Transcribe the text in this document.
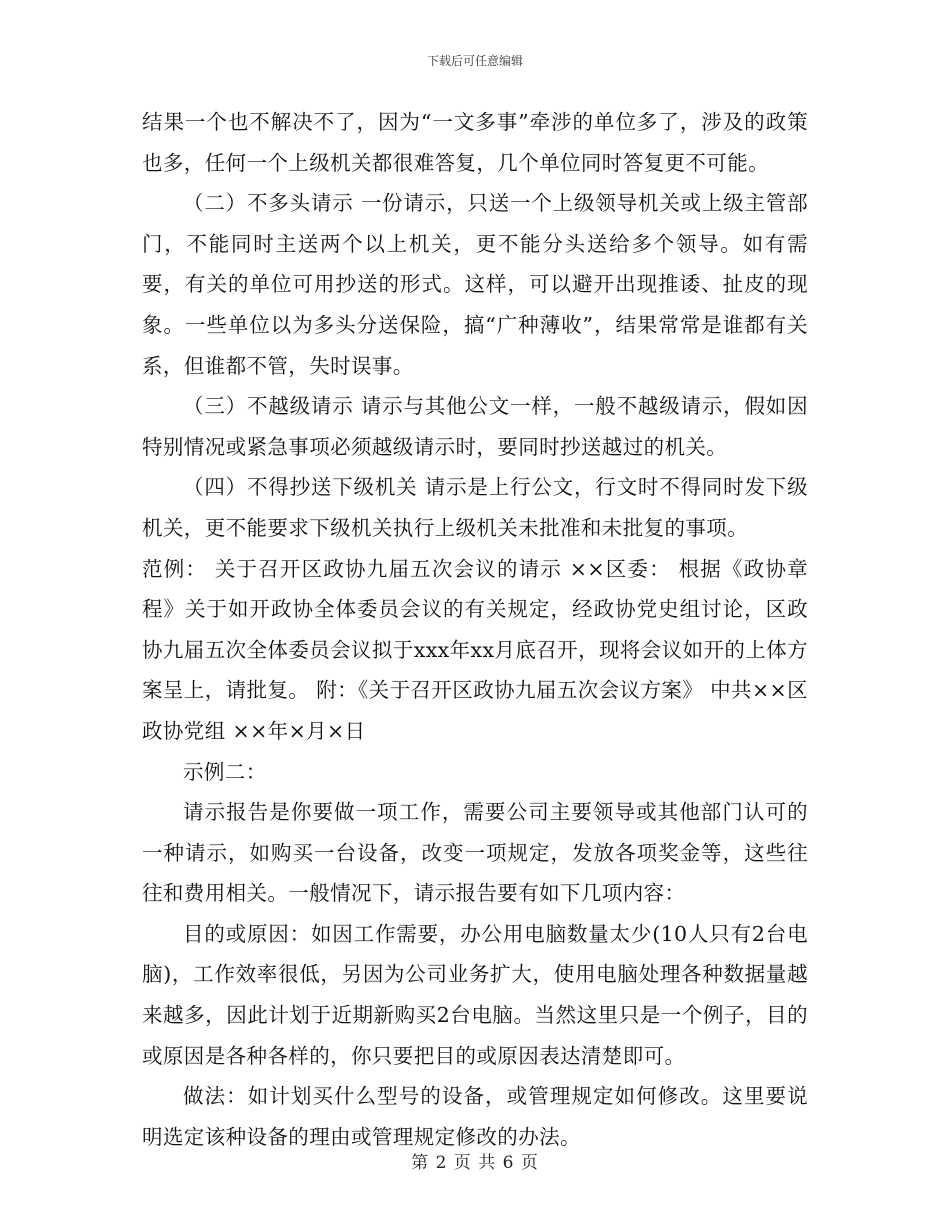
下载后可任意编辑

结果一个也不解决不了，因为“一文多事”牵涉的单位多了，涉及的政策也多，任何一个上级机关都很难答复，几个单位同时答复更不可能。

（二）不多头请示 一份请示，只送一个上级领导机关或上级主管部门，不能同时主送两个以上机关，更不能分头送给多个领导。如有需要，有关的单位可用抄送的形式。这样，可以避开出现推诿、扯皮的现象。一些单位以为多头分送保险，搞“广种薄收”，结果常常是谁都有关系，但谁都不管，失时误事。

（三）不越级请示 请示与其他公文一样，一般不越级请示，假如因特别情况或紧急事项必须越级请示时，要同时抄送越过的机关。

（四）不得抄送下级机关 请示是上行公文，行文时不得同时发下级机关，更不能要求下级机关执行上级机关未批准和未批复的事项。

范例： 关于召开区政协九届五次会议的请示 ××区委： 根据《政协章程》关于如开政协全体委员会议的有关规定，经政协党史组讨论，区政协九届五次全体委员会议拟于xxx年xx月底召开，现将会议如开的上体方案呈上，请批复。 附：《关于召开区政协九届五次会议方案》 中共××区政协党组 ××年×月×日

示例二：

请示报告是你要做一项工作，需要公司主要领导或其他部门认可的一种请示，如购买一台设备，改变一项规定，发放各项奖金等，这些往往和费用相关。一般情况下，请示报告要有如下几项内容：

目的或原因：如因工作需要，办公用电脑数量太少(10人只有2台电脑)，工作效率很低，另因为公司业务扩大，使用电脑处理各种数据量越来越多，因此计划于近期新购买2台电脑。当然这里只是一个例子，目的或原因是各种各样的，你只要把目的或原因表达清楚即可。

做法：如计划买什么型号的设备，或管理规定如何修改。这里要说明选定该种设备的理由或管理规定修改的办法。

第 2 页 共 6 页
